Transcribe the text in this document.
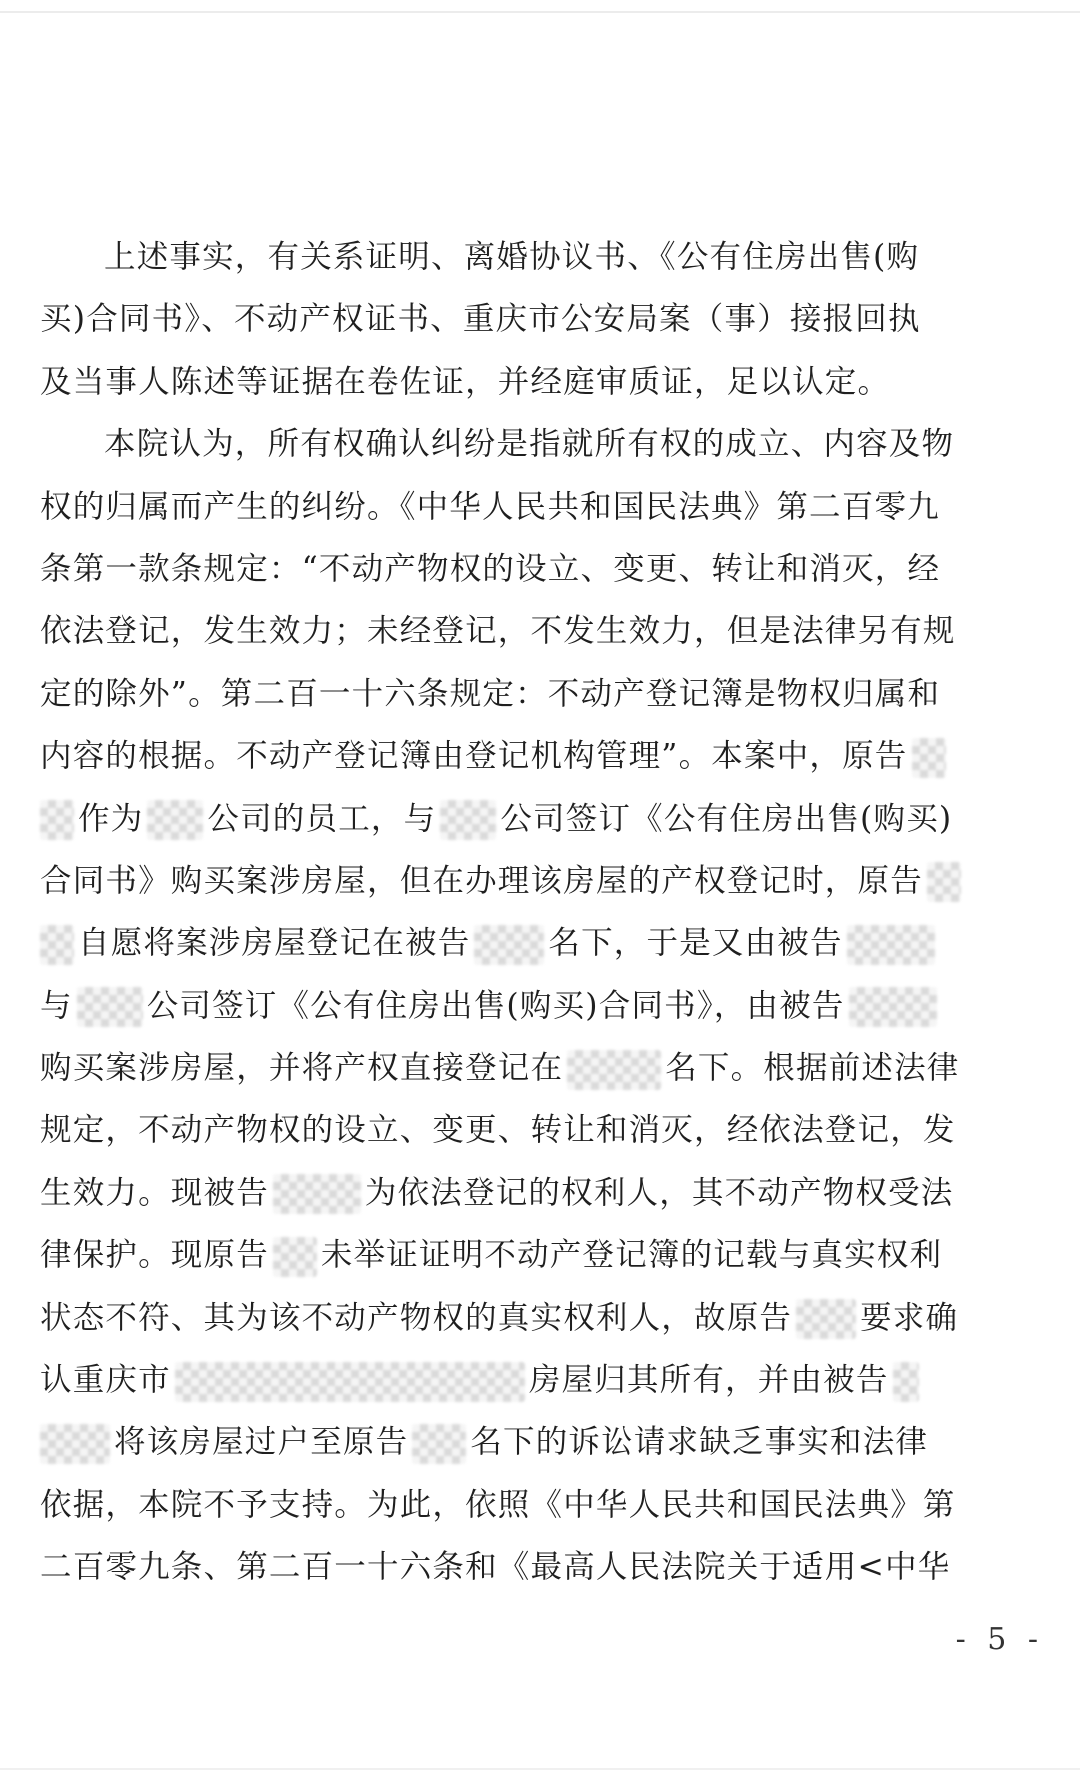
上述事实，有关系证明、离婚协议书、《公有住房出售(购
买)合同书》、不动产权证书、重庆市公安局案（事）接报回执
及当事人陈述等证据在卷佐证，并经庭审质证，足以认定。
本院认为，所有权确认纠纷是指就所有权的成立、内容及物
权的归属而产生的纠纷。《中华人民共和国民法典》第二百零九
条第一款条规定：“不动产物权的设立、变更、转让和消灭，经
依法登记，发生效力；未经登记，不发生效力，但是法律另有规
定的除外”。第二百一十六条规定：不动产登记簿是物权归属和
内容的根据。不动产登记簿由登记机构管理”。本案中，原告
作为 公司的员工，与 公司签订《公有住房出售(购买)
合同书》购买案涉房屋，但在办理该房屋的产权登记时，原告
自愿将案涉房屋登记在被告 名下，于是又由被告
与 公司签订《公有住房出售(购买)合同书》，由被告
购买案涉房屋，并将产权直接登记在	名下。根据前述法律
规定，不动产物权的设立、变更、转让和消灭，经依法登记，发
生效力。现被告	为依法登记的权利人，其不动产物权受法
律保护。现原告 未举证证明不动产登记簿的记载与真实权利
状态不符、其为该不动产物权的真实权利人，故原告 要求确
认重庆市	房屋归其所有，并由被告
将该房屋过户至原告 名下的诉讼请求缺乏事实和法律
依据，本院不予支持。为此，依照《中华人民共和国民法典》第
二百零九条、第二百一十六条和《最高人民法院关于适用<中华
- 5 -
